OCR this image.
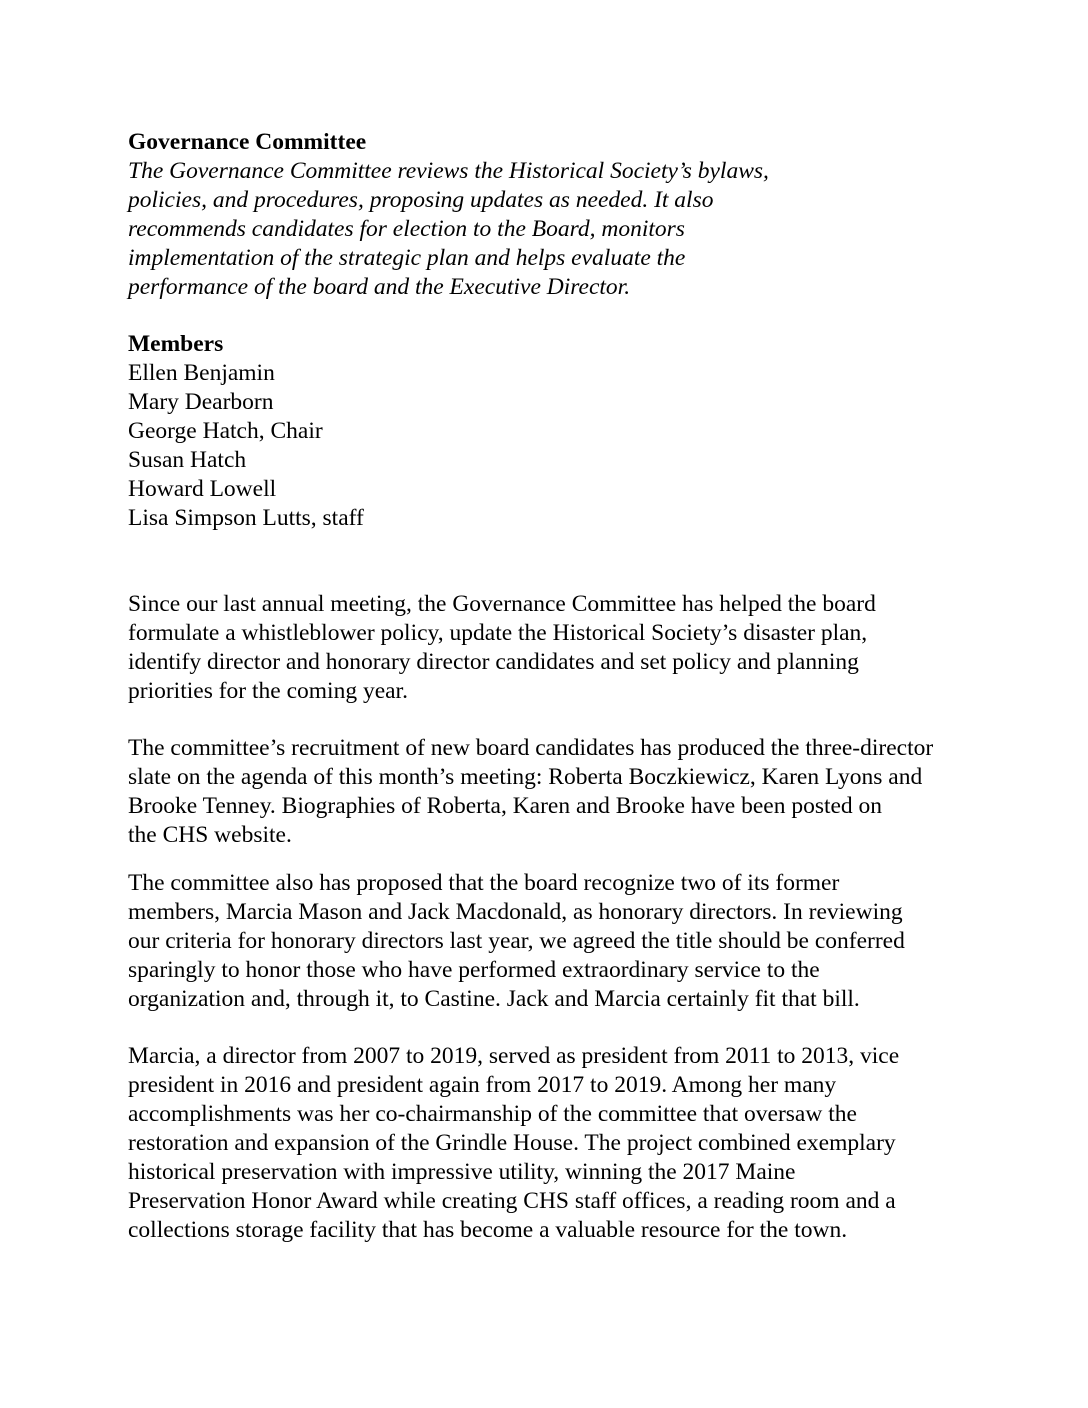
Governance Committee

The Governance Committee reviews the Historical Society’s bylaws,

policies, and procedures, proposing updates as needed. It also

recommends candidates for election to the Board, monitors

implementation of the strategic plan and helps evaluate the

performance of the board and the Executive Director.

Members

Ellen Benjamin

Mary Dearborn

George Hatch, Chair

Susan Hatch

Howard Lowell

Lisa Simpson Lutts, staff

Since our last annual meeting, the Governance Committee has helped the board

formulate a whistleblower policy, update the Historical Society’s disaster plan,

identify director and honorary director candidates and set policy and planning

priorities for the coming year.

The committee’s recruitment of new board candidates has produced the three-director

slate on the agenda of this month’s meeting: Roberta Boczkiewicz, Karen Lyons and

Brooke Tenney. Biographies of Roberta, Karen and Brooke have been posted on

the CHS website.

The committee also has proposed that the board recognize two of its former

members, Marcia Mason and Jack Macdonald, as honorary directors. In reviewing

our criteria for honorary directors last year, we agreed the title should be conferred

sparingly to honor those who have performed extraordinary service to the

organization and, through it, to Castine. Jack and Marcia certainly fit that bill.

Marcia, a director from 2007 to 2019, served as president from 2011 to 2013, vice

president in 2016 and president again from 2017 to 2019. Among her many

accomplishments was her co-chairmanship of the committee that oversaw the

restoration and expansion of the Grindle House. The project combined exemplary

historical preservation with impressive utility, winning the 2017 Maine

Preservation Honor Award while creating CHS staff offices, a reading room and a

collections storage facility that has become a valuable resource for the town.
